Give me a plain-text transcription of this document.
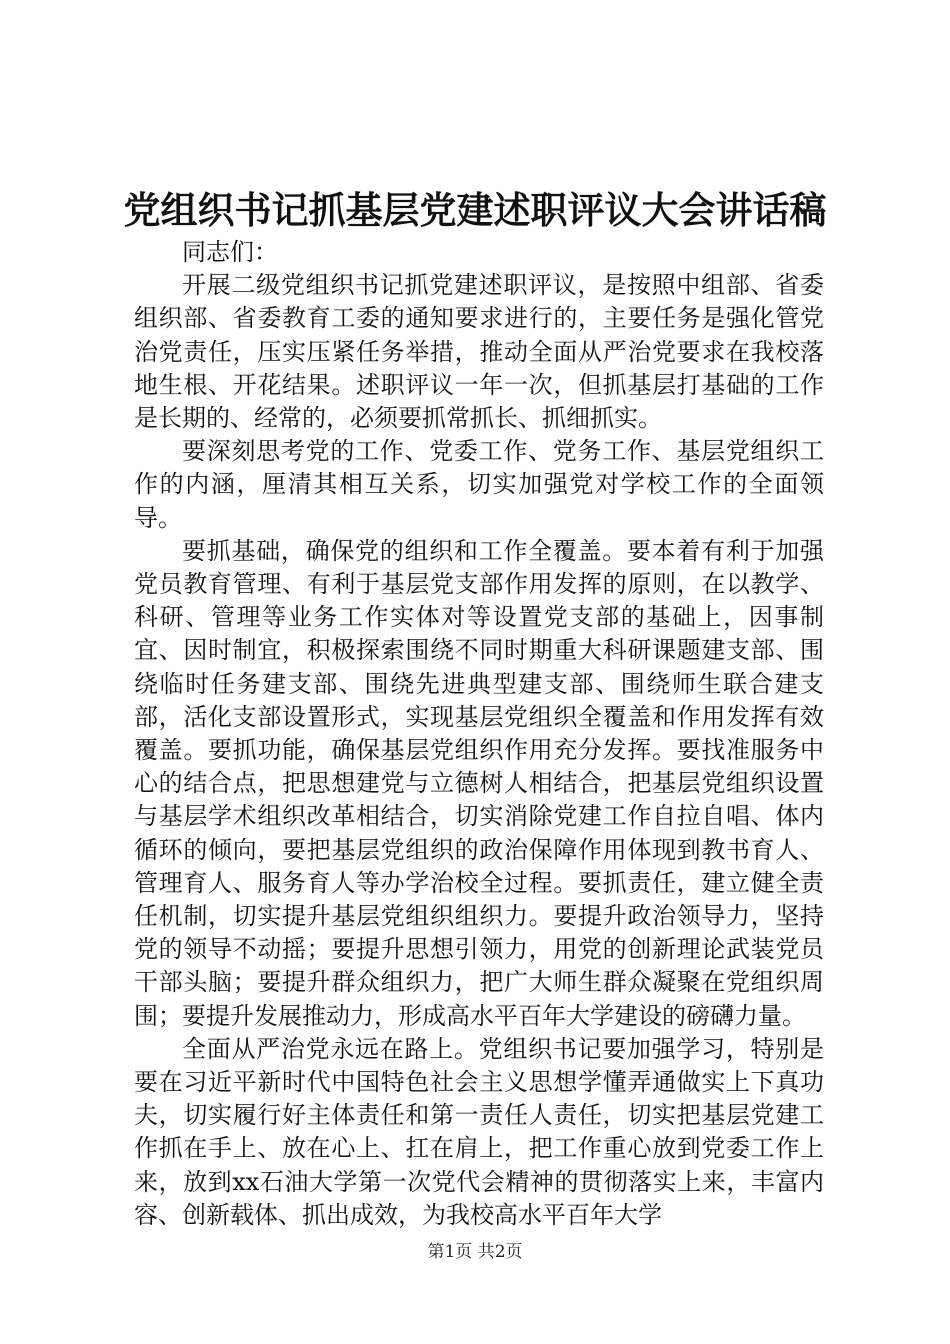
党组织书记抓基层党建述职评议大会讲话稿

同志们：

开展二级党组织书记抓党建述职评议，是按照中组部、省委组织部、省委教育工委的通知要求进行的，主要任务是强化管党治党责任，压实压紧任务举措，推动全面从严治党要求在我校落地生根、开花结果。述职评议一年一次，但抓基层打基础的工作是长期的、经常的，必须要抓常抓长、抓细抓实。

要深刻思考党的工作、党委工作、党务工作、基层党组织工作的内涵，厘清其相互关系，切实加强党对学校工作的全面领导。

要抓基础，确保党的组织和工作全覆盖。要本着有利于加强党员教育管理、有利于基层党支部作用发挥的原则，在以教学、科研、管理等业务工作实体对等设置党支部的基础上，因事制宜、因时制宜，积极探索围绕不同时期重大科研课题建支部、围绕临时任务建支部、围绕先进典型建支部、围绕师生联合建支部，活化支部设置形式，实现基层党组织全覆盖和作用发挥有效覆盖。要抓功能，确保基层党组织作用充分发挥。要找准服务中心的结合点，把思想建党与立德树人相结合，把基层党组织设置与基层学术组织改革相结合，切实消除党建工作自拉自唱、体内循环的倾向，要把基层党组织的政治保障作用体现到教书育人、管理育人、服务育人等办学治校全过程。要抓责任，建立健全责任机制，切实提升基层党组织组织力。要提升政治领导力，坚持党的领导不动摇；要提升思想引领力，用党的创新理论武装党员干部头脑；要提升群众组织力，把广大师生群众凝聚在党组织周围；要提升发展推动力，形成高水平百年大学建设的磅礴力量。

全面从严治党永远在路上。党组织书记要加强学习，特别是要在习近平新时代中国特色社会主义思想学懂弄通做实上下真功夫，切实履行好主体责任和第一责任人责任，切实把基层党建工作抓在手上、放在心上、扛在肩上，把工作重心放到党委工作上来，放到xx石油大学第一次党代会精神的贯彻落实上来，丰富内容、创新载体、抓出成效，为我校高水平百年大学

第1页 共2页
